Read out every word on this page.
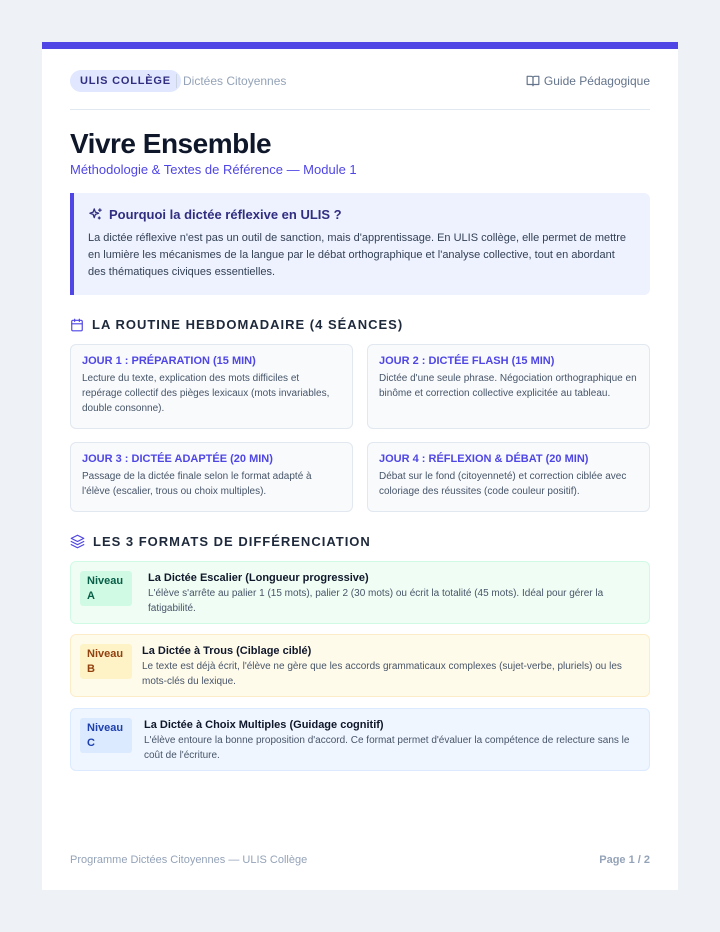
ULIS COLLÈGE	Dictées Citoyennes	Guide Pédagogique
Vivre Ensemble
Méthodologie & Textes de Référence — Module 1
Pourquoi la dictée réflexive en ULIS ?

La dictée réflexive n'est pas un outil de sanction, mais d'apprentissage. En ULIS collège, elle permet de mettre en lumière les mécanismes de la langue par le débat orthographique et l'analyse collective, tout en abordant des thématiques civiques essentielles.

LA ROUTINE HEBDOMADAIRE (4 SÉANCES)
JOUR 1 : PRÉPARATION (15 MIN)
Lecture du texte, explication des mots difficiles et repérage collectif des pièges lexicaux (mots invariables, double consonne).
JOUR 2 : DICTÉE FLASH (15 MIN)
Dictée d'une seule phrase. Négociation orthographique en binôme et correction collective explicitée au tableau.
JOUR 3 : DICTÉE ADAPTÉE (20 MIN)
Passage de la dictée finale selon le format adapté à l'élève (escalier, trous ou choix multiples).
JOUR 4 : RÉFLEXION & DÉBAT (20 MIN)
Débat sur le fond (citoyenneté) et correction ciblée avec coloriage des réussites (code couleur positif).
LES 3 FORMATS DE DIFFÉRENCIATION
Niveau A
La Dictée Escalier (Longueur progressive)
L'élève s'arrête au palier 1 (15 mots), palier 2 (30 mots) ou écrit la totalité (45 mots). Idéal pour gérer la fatigabilité.
Niveau B
La Dictée à Trous (Ciblage ciblé)
Le texte est déjà écrit, l'élève ne gère que les accords grammaticaux complexes (sujet-verbe, pluriels) ou les mots-clés du lexique.
Niveau C
La Dictée à Choix Multiples (Guidage cognitif)
L'élève entoure la bonne proposition d'accord. Ce format permet d'évaluer la compétence de relecture sans le coût de l'écriture.
Programme Dictées Citoyennes — ULIS Collège	Page 1 / 2
